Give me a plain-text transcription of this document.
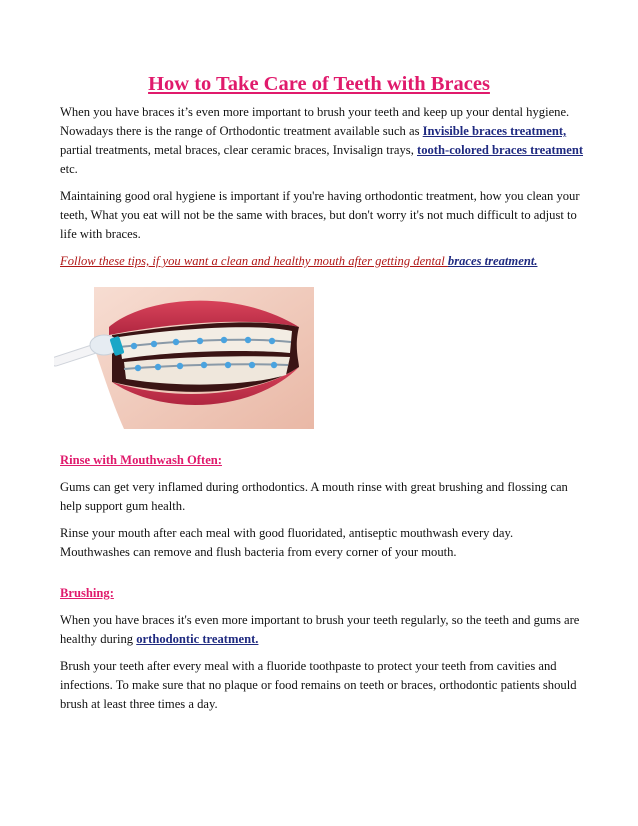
How to Take Care of Teeth with Braces

When you have braces it’s even more important to brush your teeth and keep up your dental hygiene. Nowadays there is the range of Orthodontic treatment available such as Invisible braces treatment, partial treatments, metal braces, clear ceramic braces, Invisalign trays, tooth-colored braces treatment etc.

Maintaining good oral hygiene is important if you're having orthodontic treatment, how you clean your teeth, What you eat will not be the same with braces, but don't worry it's not much difficult to adjust to life with braces.

Follow these tips, if you want a clean and healthy mouth after getting dental braces treatment.

Rinse with Mouthwash Often:

Gums can get very inflamed during orthodontics. A mouth rinse with great brushing and flossing can help support gum health.

Rinse your mouth after each meal with good fluoridated, antiseptic mouthwash every day. Mouthwashes can remove and flush bacteria from every corner of your mouth.

Brushing:

When you have braces it's even more important to brush your teeth regularly, so the teeth and gums are healthy during orthodontic treatment.

Brush your teeth after every meal with a fluoride toothpaste to protect your teeth from cavities and infections. To make sure that no plaque or food remains on teeth or braces, orthodontic patients should brush at least three times a day.
